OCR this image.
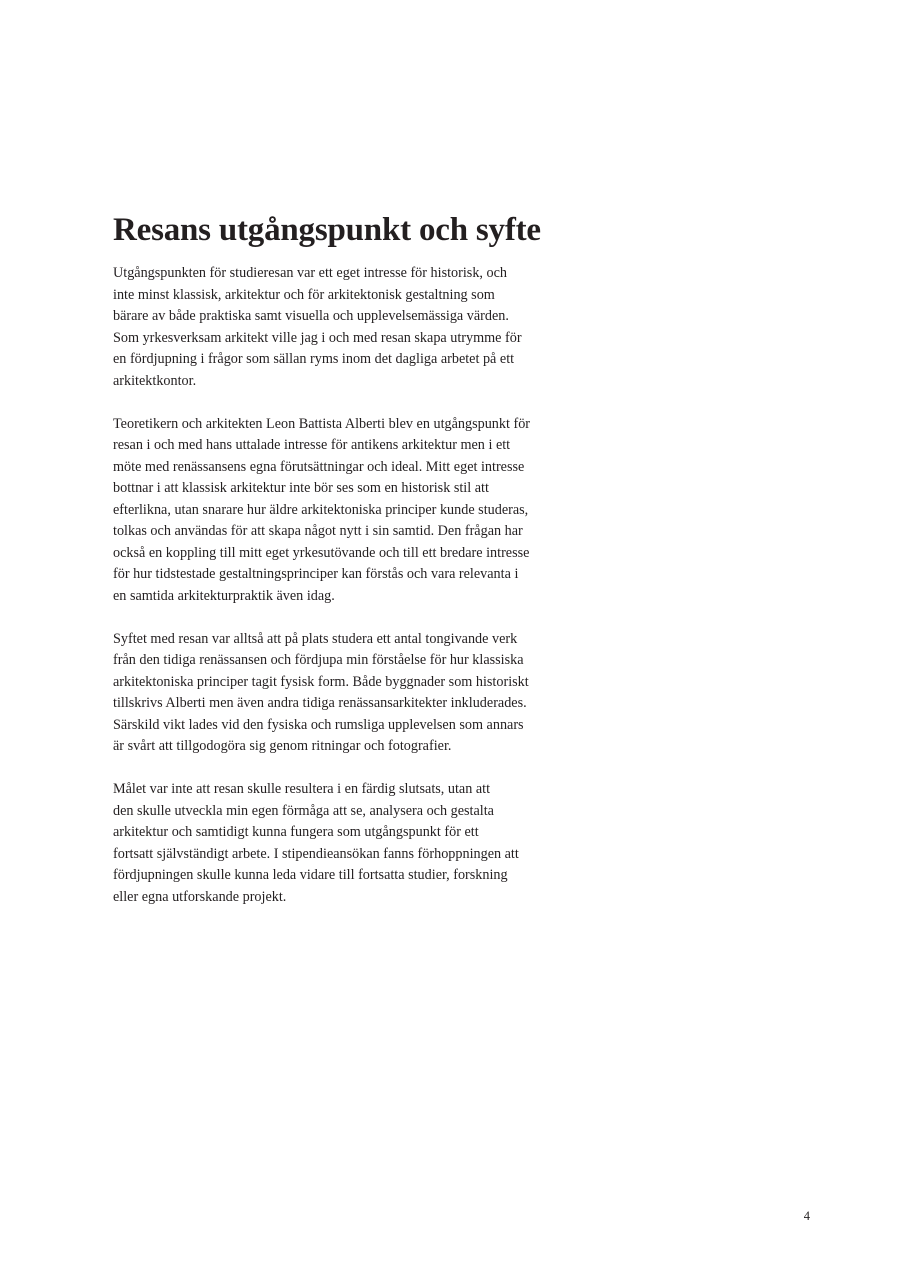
Resans utgångspunkt och syfte

Utgångspunkten för studieresan var ett eget intresse för historisk, och
inte minst klassisk, arkitektur och för arkitektonisk gestaltning som
bärare av både praktiska samt visuella och upplevelsemässiga värden.
Som yrkesverksam arkitekt ville jag i och med resan skapa utrymme för
en fördjupning i frågor som sällan ryms inom det dagliga arbetet på ett
arkitektkontor.

Teoretikern och arkitekten Leon Battista Alberti blev en utgångspunkt för
resan i och med hans uttalade intresse för antikens arkitektur men i ett
möte med renässansens egna förutsättningar och ideal. Mitt eget intresse
bottnar i att klassisk arkitektur inte bör ses som en historisk stil att
efterlikna, utan snarare hur äldre arkitektoniska principer kunde studeras,
tolkas och användas för att skapa något nytt i sin samtid. Den frågan har
också en koppling till mitt eget yrkesutövande och till ett bredare intresse
för hur tidstestade gestaltningsprinciper kan förstås och vara relevanta i
en samtida arkitekturpraktik även idag.

Syftet med resan var alltså att på plats studera ett antal tongivande verk
från den tidiga renässansen och fördjupa min förståelse för hur klassiska
arkitektoniska principer tagit fysisk form. Både byggnader som historiskt
tillskrivs Alberti men även andra tidiga renässansarkitekter inkluderades.
Särskild vikt lades vid den fysiska och rumsliga upplevelsen som annars
är svårt att tillgodogöra sig genom ritningar och fotografier.

Målet var inte att resan skulle resultera i en färdig slutsats, utan att
den skulle utveckla min egen förmåga att se, analysera och gestalta
arkitektur och samtidigt kunna fungera som utgångspunkt för ett
fortsatt självständigt arbete. I stipendieansökan fanns förhoppningen att
fördjupningen skulle kunna leda vidare till fortsatta studier, forskning
eller egna utforskande projekt.

4
